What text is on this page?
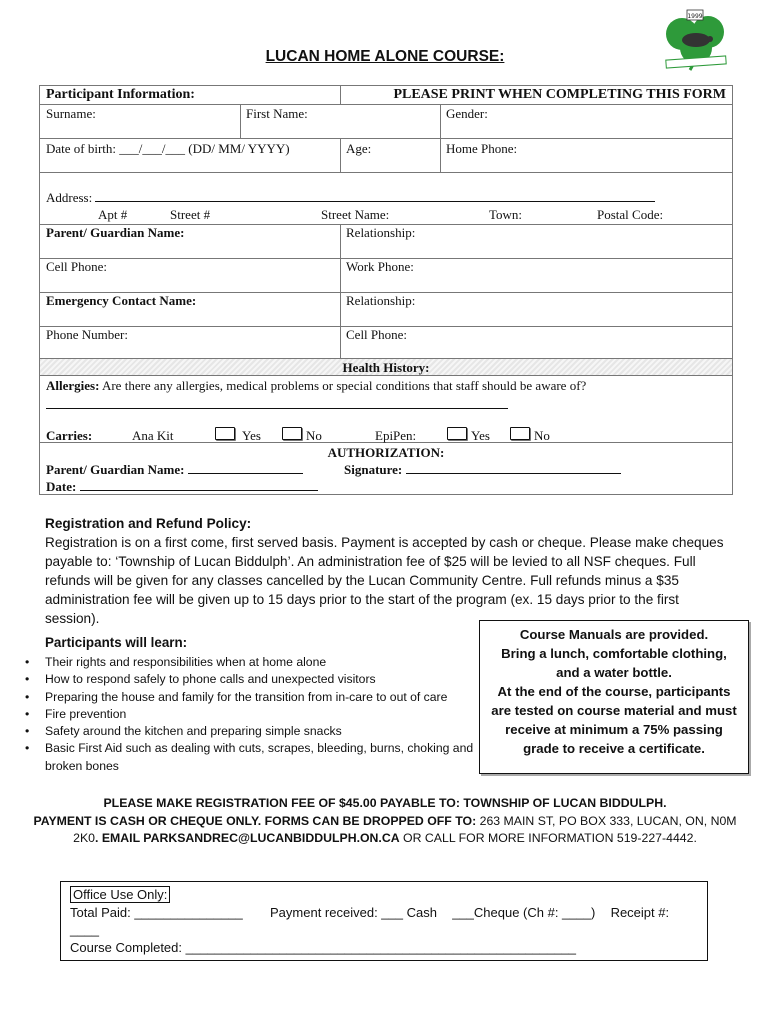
1999
LUCAN HOME ALONE COURSE:
Participant Information:	PLEASE PRINT WHEN COMPLETING THIS FORM
Surname:	First Name:	Gender:
Date of birth: ___/___/___ (DD/ MM/ YYYY)	Age:	Home Phone:
Address:
Apt #	Street #	Street Name:	Town:	Postal Code:
Parent/ Guardian Name:	Relationship:
Cell Phone:	Work Phone:
Emergency Contact Name:	Relationship:
Phone Number:	Cell Phone:
Health History:
Allergies: Are there any allergies, medical problems or special conditions that staff should be aware of?
Carries:	Ana Kit	Yes	No	EpiPen:	Yes	No
AUTHORIZATION:
Parent/ Guardian Name:	Signature:
Date:
Registration and Refund Policy:

Registration is on a first come, first served basis. Payment is accepted by cash or cheque. Please make cheques payable to: ‘Township of Lucan Biddulph’. An administration fee of $25 will be levied to all NSF cheques. Full refunds will be given for any classes cancelled by the Lucan Community Centre. Full refunds minus a $35 administration fee will be given up to 15 days prior to the start of the program (ex. 15 days prior to the first session).

Participants will learn:
• Their rights and responsibilities when at home alone
• How to respond safely to phone calls and unexpected visitors
• Preparing the house and family for the transition from in-care to out of care
• Fire prevention
• Safety around the kitchen and preparing simple snacks
• Basic First Aid such as dealing with cuts, scrapes, bleeding, burns, choking and broken bones

Course Manuals are provided.

Bring a lunch, comfortable clothing, and a water bottle.

At the end of the course, participants are tested on course material and must receive at minimum a 75% passing grade to receive a certificate.

PLEASE MAKE REGISTRATION FEE OF $45.00 PAYABLE TO: TOWNSHIP OF LUCAN BIDDULPH.

PAYMENT IS CASH OR CHEQUE ONLY. FORMS CAN BE DROPPED OFF TO: 263 MAIN ST, PO BOX 333, LUCAN, ON, N0M 2K0. EMAIL PARKSANDREC@LUCANBIDDULPH.ON.CA OR CALL FOR MORE INFORMATION 519-227-4442.

Office Use Only:
Total Paid: _______________ Payment received: ___ Cash ___Cheque (Ch #: ____) Receipt #: ____
Course Completed: ______________________________________________________
